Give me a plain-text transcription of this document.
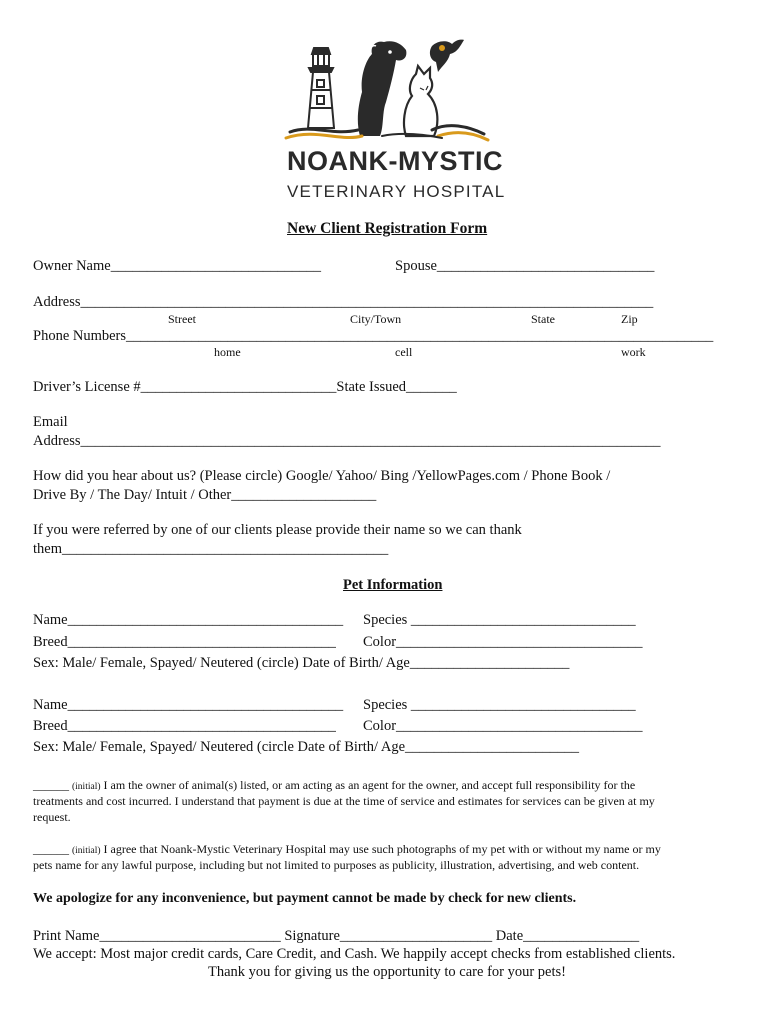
NOANK-MYSTIC
VETERINARY HOSPITAL
New Client Registration Form
Owner Name_____________________________	Spouse______________________________
Address_______________________________________________________________________________
Street	City/Town	State	Zip
Phone Numbers_________________________________________________________________________________
home	cell	work
Driver’s License #___________________________State Issued_______
Email
Address________________________________________________________________________________
How did you hear about us? (Please circle) Google/ Yahoo/ Bing /YellowPages.com / Phone Book /
Drive By / The Day/ Intuit / Other____________________
If you were referred by one of our clients please provide their name so we can thank
them_____________________________________________
Pet Information
Name______________________________________ Species _______________________________
Breed_____________________________________ Color__________________________________
Sex: Male/ Female, Spayed/ Neutered (circle) Date of Birth/ Age______________________
Name______________________________________ Species _______________________________
Breed_____________________________________ Color__________________________________
Sex: Male/ Female, Spayed/ Neutered (circle Date of Birth/ Age________________________
______ (initial) I am the owner of animal(s) listed, or am acting as an agent for the owner, and accept full responsibility for the
treatments and cost incurred. I understand that payment is due at the time of service and estimates for services can be given at my
request.
______ (initial) I agree that Noank-Mystic Veterinary Hospital may use such photographs of my pet with or without my name or my
pets name for any lawful purpose, including but not limited to purposes as publicity, illustration, advertising, and web content.
We apologize for any inconvenience, but payment cannot be made by check for new clients.
Print Name_________________________ Signature_____________________ Date________________
We accept: Most major credit cards, Care Credit, and Cash. We happily accept checks from established clients.
Thank you for giving us the opportunity to care for your pets!
